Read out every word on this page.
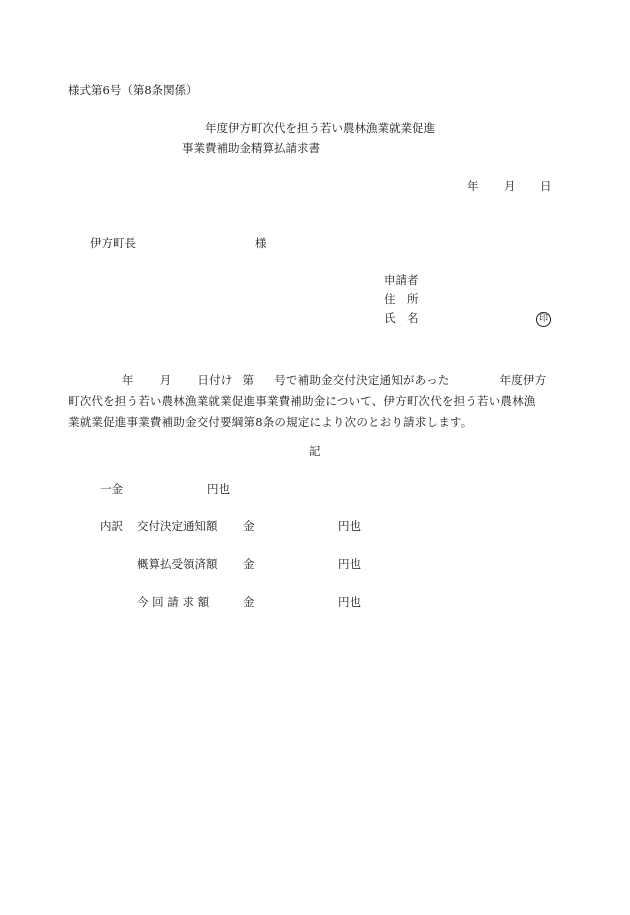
様式第6号（第8条関係）
年度伊方町次代を担う若い農林漁業就業促進
事業費補助金精算払請求書
年 月 日
伊方町長	様
申請者
住　所
氏　名	印

年 月 日付け 第 号で補助金交付決定通知があった	年度伊方

町次代を担う若い農林漁業就業促進事業費補助金について、伊方町次代を担う若い農林漁

業就業促進事業費補助金交付要綱第8条の規定により次のとおり請求します。

記
一金	円也
内訳 交付決定通知額 金	円也
概算払受領済額 金	円也
今 回 請 求 額	金	円也
